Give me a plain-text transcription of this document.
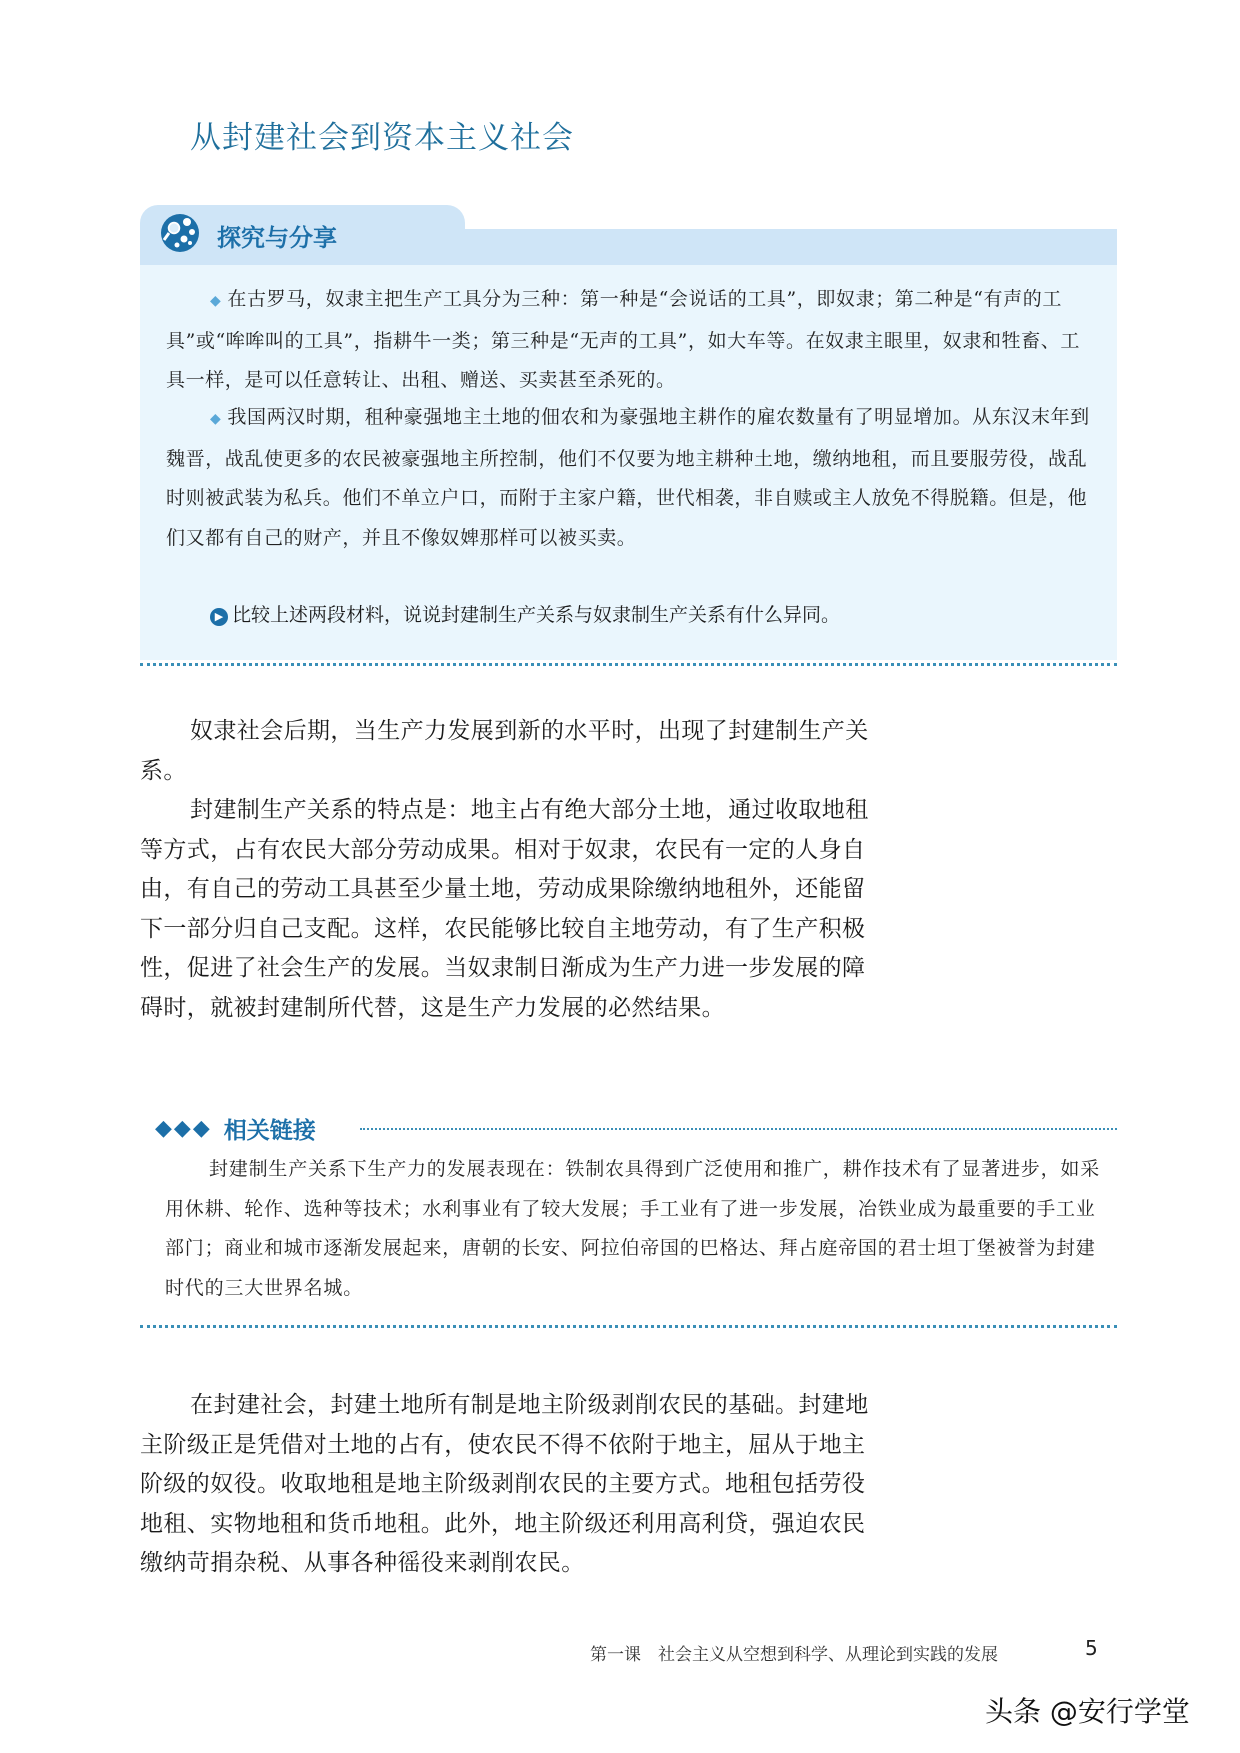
从封建社会到资本主义社会
探究与分享
◆ 在古罗马，奴隶主把生产工具分为三种：第一种是“会说话的工具”，即奴隶；第二种是“有声的工具”或“哞哞叫的工具”，指耕牛一类；第三种是“无声的工具”，如大车等。在奴隶主眼里，奴隶和牲畜、工具一样，是可以任意转让、出租、赠送、买卖甚至杀死的。
◆ 我国两汉时期，租种豪强地主土地的佃农和为豪强地主耕作的雇农数量有了明显增加。从东汉末年到魏晋，战乱使更多的农民被豪强地主所控制，他们不仅要为地主耕种土地，缴纳地租，而且要服劳役，战乱时则被武装为私兵。他们不单立户口，而附于主家户籍，世代相袭，非自赎或主人放免不得脱籍。但是，他们又都有自己的财产，并且不像奴婢那样可以被买卖。
▶ 比较上述两段材料，说说封建制生产关系与奴隶制生产关系有什么异同。
奴隶社会后期，当生产力发展到新的水平时，出现了封建制生产关系。
封建制生产关系的特点是：地主占有绝大部分土地，通过收取地租等方式，占有农民大部分劳动成果。相对于奴隶，农民有一定的人身自由，有自己的劳动工具甚至少量土地，劳动成果除缴纳地租外，还能留下一部分归自己支配。这样，农民能够比较自主地劳动，有了生产积极性，促进了社会生产的发展。当奴隶制日渐成为生产力进一步发展的障碍时，就被封建制所代替，这是生产力发展的必然结果。
◆◆◆ 相关链接
封建制生产关系下生产力的发展表现在：铁制农具得到广泛使用和推广，耕作技术有了显著进步，如采用休耕、轮作、选种等技术；水利事业有了较大发展；手工业有了进一步发展，冶铁业成为最重要的手工业部门；商业和城市逐渐发展起来，唐朝的长安、阿拉伯帝国的巴格达、拜占庭帝国的君士坦丁堡被誉为封建时代的三大世界名城。
在封建社会，封建土地所有制是地主阶级剥削农民的基础。封建地主阶级正是凭借对土地的占有，使农民不得不依附于地主，屈从于地主阶级的奴役。收取地租是地主阶级剥削农民的主要方式。地租包括劳役地租、实物地租和货币地租。此外，地主阶级还利用高利贷，强迫农民缴纳苛捐杂税、从事各种徭役来剥削农民。
第一课　社会主义从空想到科学、从理论到实践的发展	5
头条 @安行学堂
